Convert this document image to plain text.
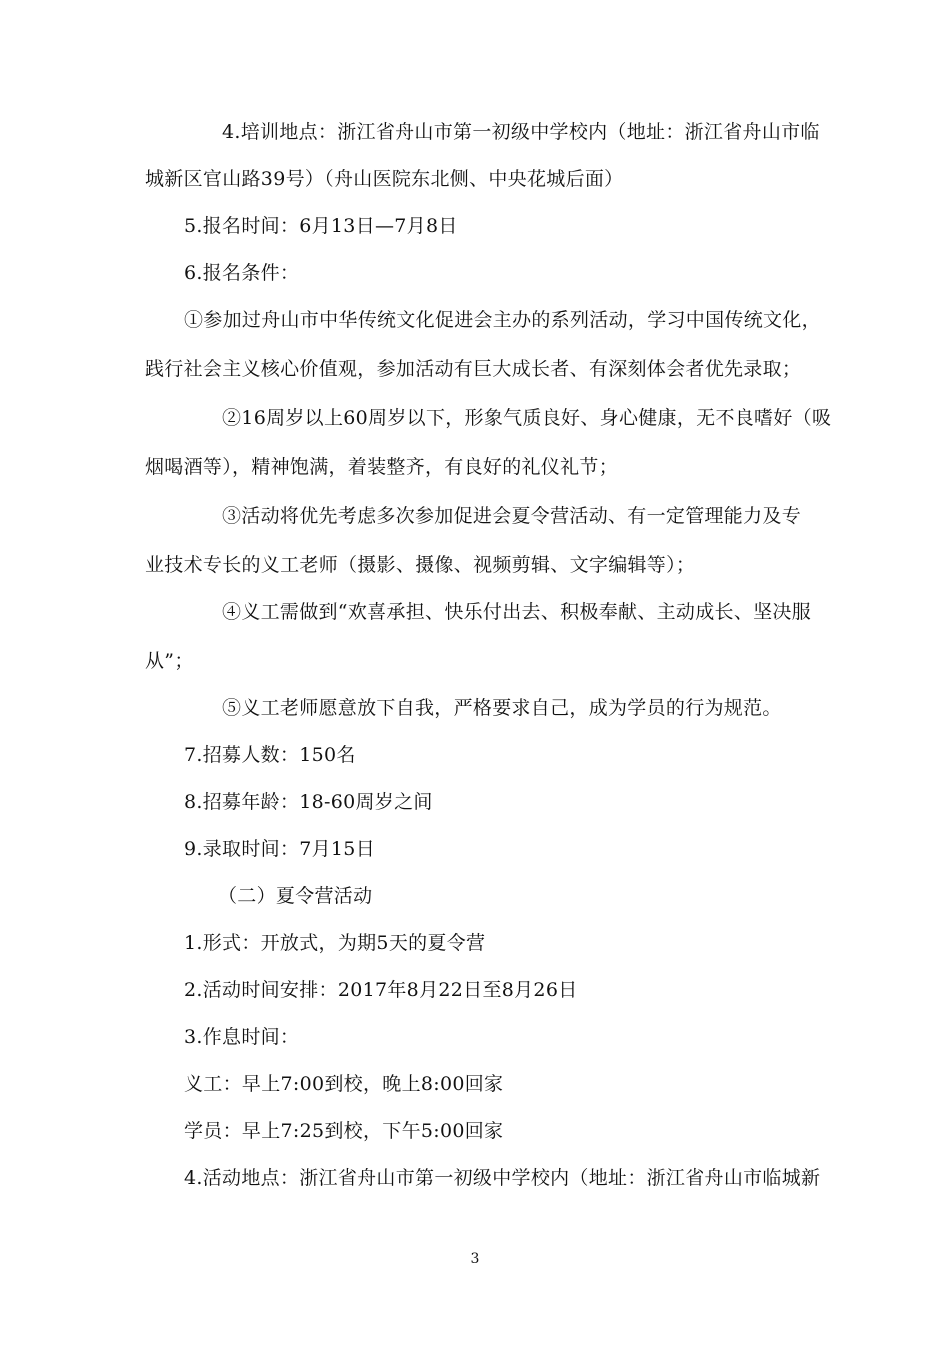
4.培训地点：浙江省舟山市第一初级中学校内（地址：浙江省舟山市临
城新区官山路39号）（舟山医院东北侧、中央花城后面）
5.报名时间：6月13日—7月8日
6.报名条件：
①参加过舟山市中华传统文化促进会主办的系列活动，学习中国传统文化，
践行社会主义核心价值观，参加活动有巨大成长者、有深刻体会者优先录取；
②16周岁以上60周岁以下，形象气质良好、身心健康，无不良嗜好（吸
烟喝酒等），精神饱满，着装整齐，有良好的礼仪礼节；
③活动将优先考虑多次参加促进会夏令营活动、有一定管理能力及专
业技术专长的义工老师（摄影、摄像、视频剪辑、文字编辑等）；
④义工需做到“欢喜承担、快乐付出去、积极奉献、主动成长、坚决服
从”；
⑤义工老师愿意放下自我，严格要求自己，成为学员的行为规范。
7.招募人数：150名
8.招募年龄：18-60周岁之间
9.录取时间：7月15日
（二）夏令营活动
1.形式：开放式，为期5天的夏令营
2.活动时间安排：2017年8月22日至8月26日
3.作息时间：
义工：早上7:00到校，晚上8:00回家
学员：早上7:25到校，下午5:00回家
4.活动地点：浙江省舟山市第一初级中学校内（地址：浙江省舟山市临城新
3
